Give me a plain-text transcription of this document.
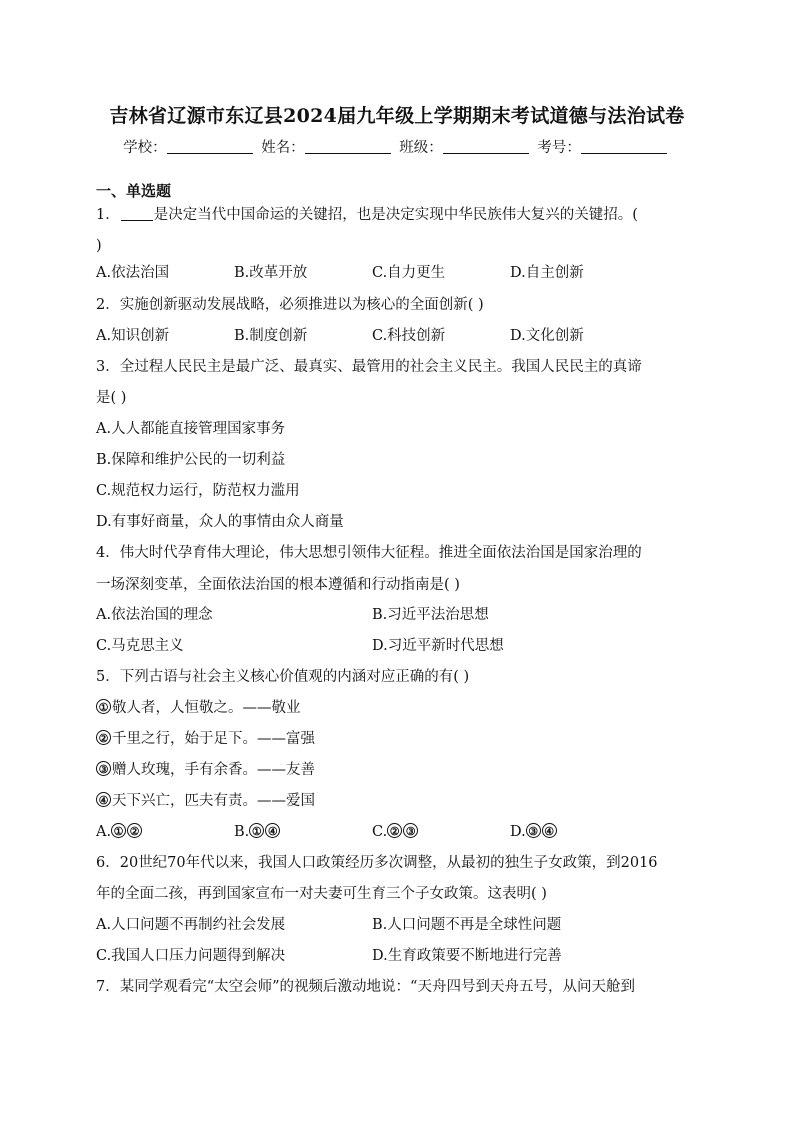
吉林省辽源市东辽县2024届九年级上学期期末考试道德与法治试卷
学校：	姓名：	班级：	考号：
一、单选题
1． 是决定当代中国命运的关键招，也是决定实现中华民族伟大复兴的关键招。(
)
A.依法治国	B.改革开放	C.自力更生	D.自主创新
2．实施创新驱动发展战略，必须推进以为核心的全面创新( )
A.知识创新	B.制度创新	C.科技创新	D.文化创新
3．全过程人民民主是最广泛、最真实、最管用的社会主义民主。我国人民民主的真谛
是( )
A.人人都能直接管理国家事务
B.保障和维护公民的一切利益
C.规范权力运行，防范权力滥用
D.有事好商量，众人的事情由众人商量
4．伟大时代孕育伟大理论，伟大思想引领伟大征程。推进全面依法治国是国家治理的
一场深刻变革，全面依法治国的根本遵循和行动指南是( )
A.依法治国的理念	B.习近平法治思想
C.马克思主义	D.习近平新时代思想
5．下列古语与社会主义核心价值观的内涵对应正确的有( )
① 敬人者，人恒敬之。——敬业
② 千里之行，始于足下。——富强
③ 赠人玫瑰，手有余香。——友善
④ 天下兴亡，匹夫有责。——爱国
A. ① ②	B. ① ④	C. ② ③	D. ③ ④
6．20世纪70年代以来，我国人口政策经历多次调整，从最初的独生子女政策，到2016
年的全面二孩，再到国家宣布一对夫妻可生育三个子女政策。这表明( )
A.人口问题不再制约社会发展	B.人口问题不再是全球性问题
C.我国人口压力问题得到解决	D.生育政策要不断地进行完善
7．某同学观看完“太空会师”的视频后激动地说：“天舟四号到天舟五号，从问天舱到
